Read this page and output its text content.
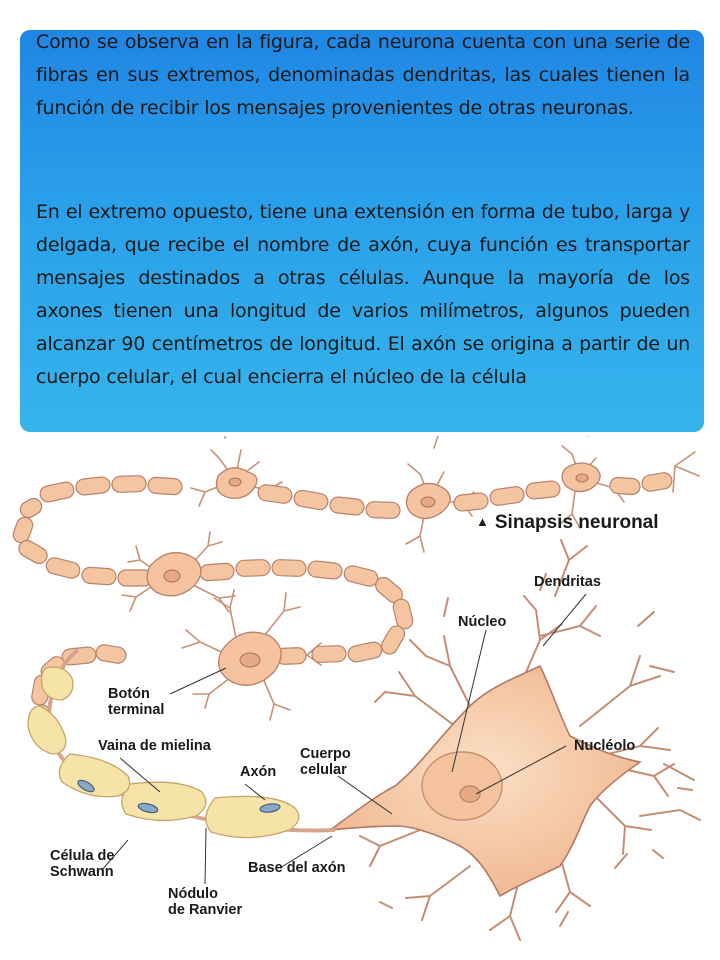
Como se observa en la figura, cada neurona cuenta con una serie de fibras en sus extremos, denominadas dendritas, las cuales tienen la función de recibir los mensajes provenientes de otras neuronas.

En el extremo opuesto, tiene una extensión en forma de tubo, larga y delgada, que recibe el nombre de axón, cuya función es transportar mensajes destinados a otras células. Aunque la mayoría de los axones tienen una longitud de varios milímetros, algunos pueden alcanzar 90 centímetros de longitud. El axón se origina a partir de un cuerpo celular, el cual encierra el núcleo de la célula

▲ Sinapsis neuronal

Dendritas

Núcleo

Nucléolo

Botón
terminal

Vaina de mielina

Axón

Cuerpo
celular

Célula de
Schwann	Base del axón

Nódulo
de Ranvier
